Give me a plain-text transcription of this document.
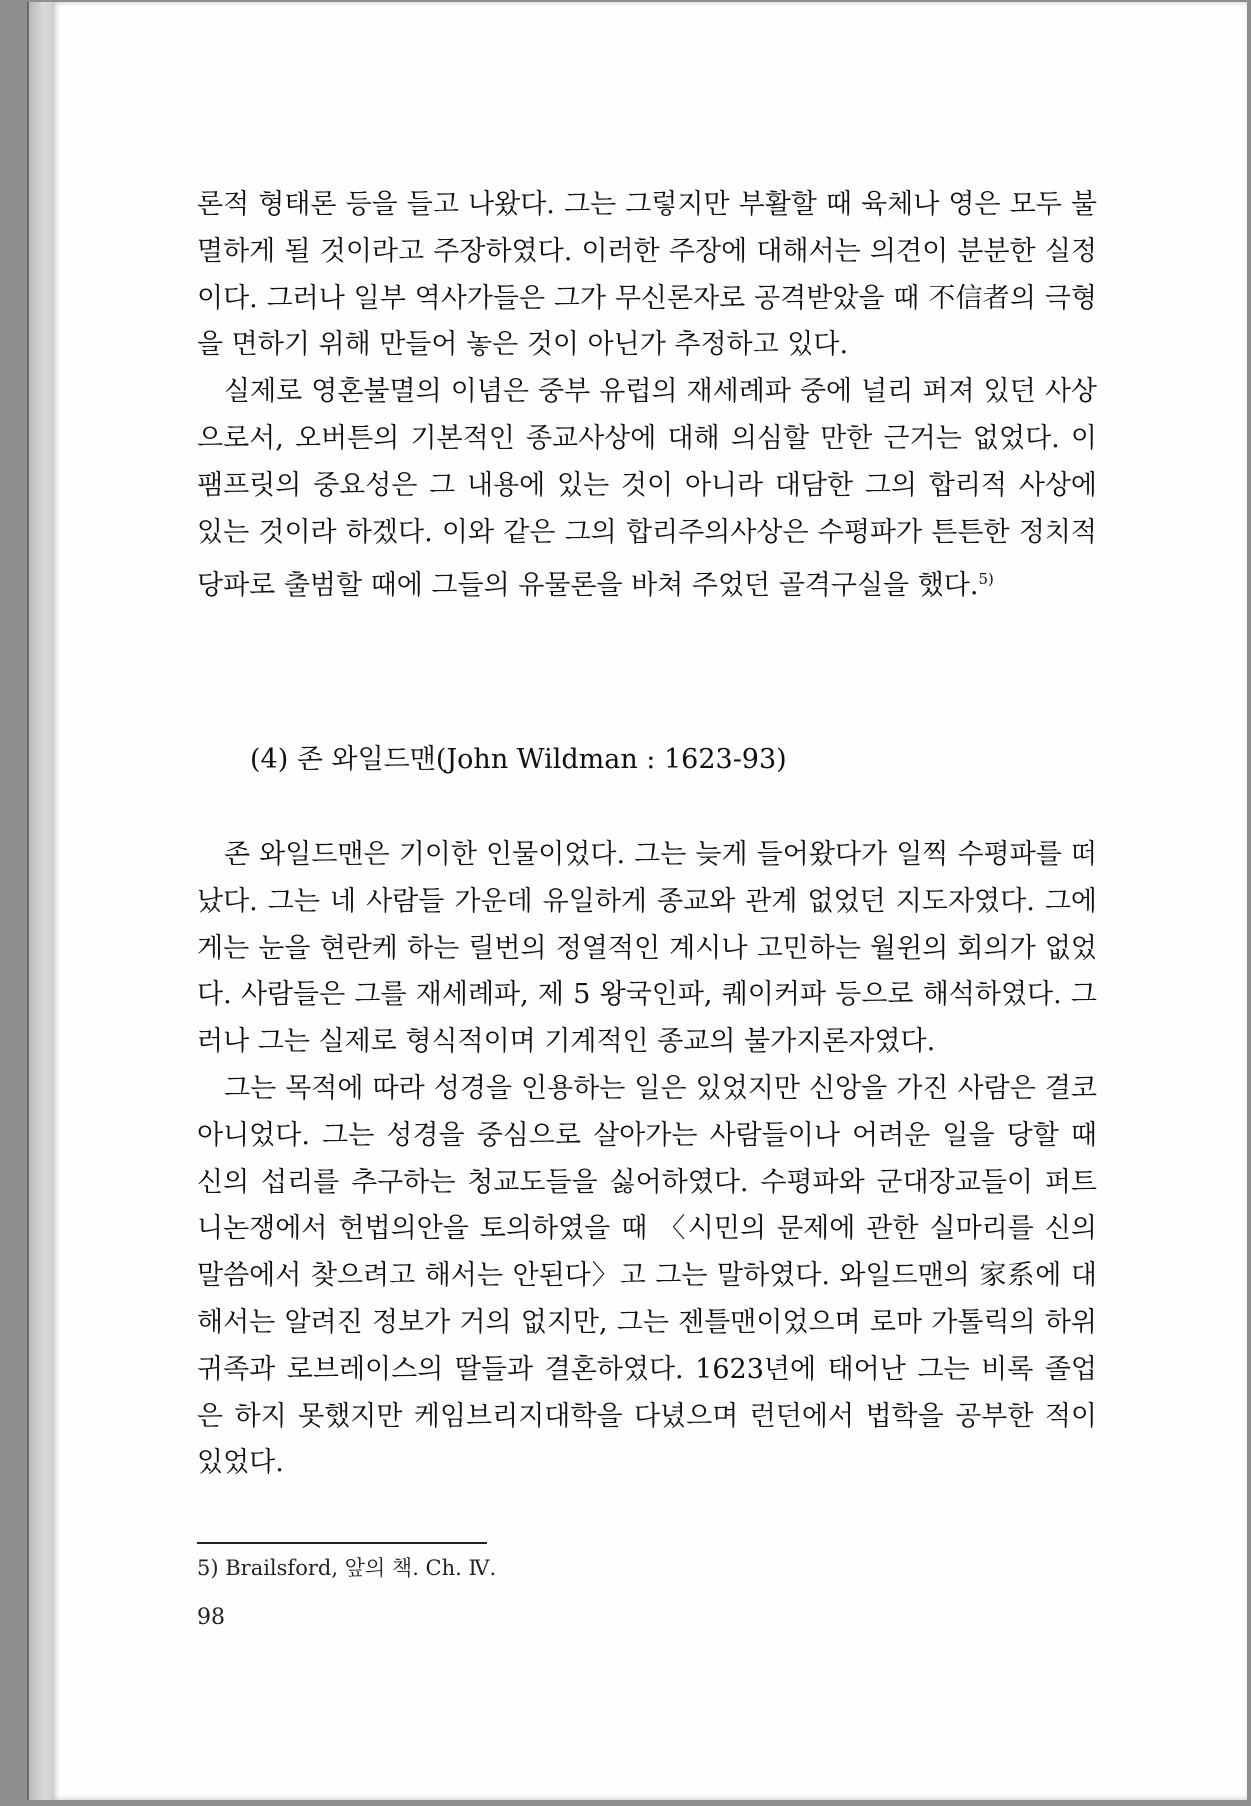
론적 형태론 등을 들고 나왔다. 그는 그렇지만 부활할 때 육체나 영은 모두 불멸하게 될 것이라고 주장하였다. 이러한 주장에 대해서는 의견이 분분한 실정이다. 그러나 일부 역사가들은 그가 무신론자로 공격받았을 때 不信者의 극형을 면하기 위해 만들어 놓은 것이 아닌가 추정하고 있다.

실제로 영혼불멸의 이념은 중부 유럽의 재세례파 중에 널리 퍼져 있던 사상으로서, 오버튼의 기본적인 종교사상에 대해 의심할 만한 근거는 없었다. 이 팸프릿의 중요성은 그 내용에 있는 것이 아니라 대담한 그의 합리적 사상에 있는 것이라 하겠다. 이와 같은 그의 합리주의사상은 수평파가 튼튼한 정치적 당파로 출범할 때에 그들의 유물론을 바쳐 주었던 골격구실을 했다.$^{5)}$

(4) 존 와일드맨(John Wildman : 1623-93)

존 와일드맨은 기이한 인물이었다. 그는 늦게 들어왔다가 일찍 수평파를 떠났다. 그는 네 사람들 가운데 유일하게 종교와 관계 없었던 지도자였다. 그에게는 눈을 현란케 하는 릴번의 정열적인 계시나 고민하는 월윈의 회의가 없었다. 사람들은 그를 재세례파, 제 5 왕국인파, 퀘이커파 등으로 해석하였다. 그러나 그는 실제로 형식적이며 기계적인 종교의 불가지론자였다.

그는 목적에 따라 성경을 인용하는 일은 있었지만 신앙을 가진 사람은 결코 아니었다. 그는 성경을 중심으로 살아가는 사람들이나 어려운 일을 당할 때 신의 섭리를 추구하는 청교도들을 싫어하였다. 수평파와 군대장교들이 퍼트니논쟁에서 헌법의안을 토의하였을 때 〈시민의 문제에 관한 실마리를 신의 말씀에서 찾으려고 해서는 안된다〉고 그는 말하였다. 와일드맨의 家系에 대해서는 알려진 정보가 거의 없지만, 그는 젠틀맨이었으며 로마 가톨릭의 하위귀족과 로브레이스의 딸들과 결혼하였다. 1623년에 태어난 그는 비록 졸업은 하지 못했지만 케임브리지대학을 다녔으며 런던에서 법학을 공부한 적이 있었다.

5) Brailsford, 앞의 책. Ch. Ⅳ.
98
